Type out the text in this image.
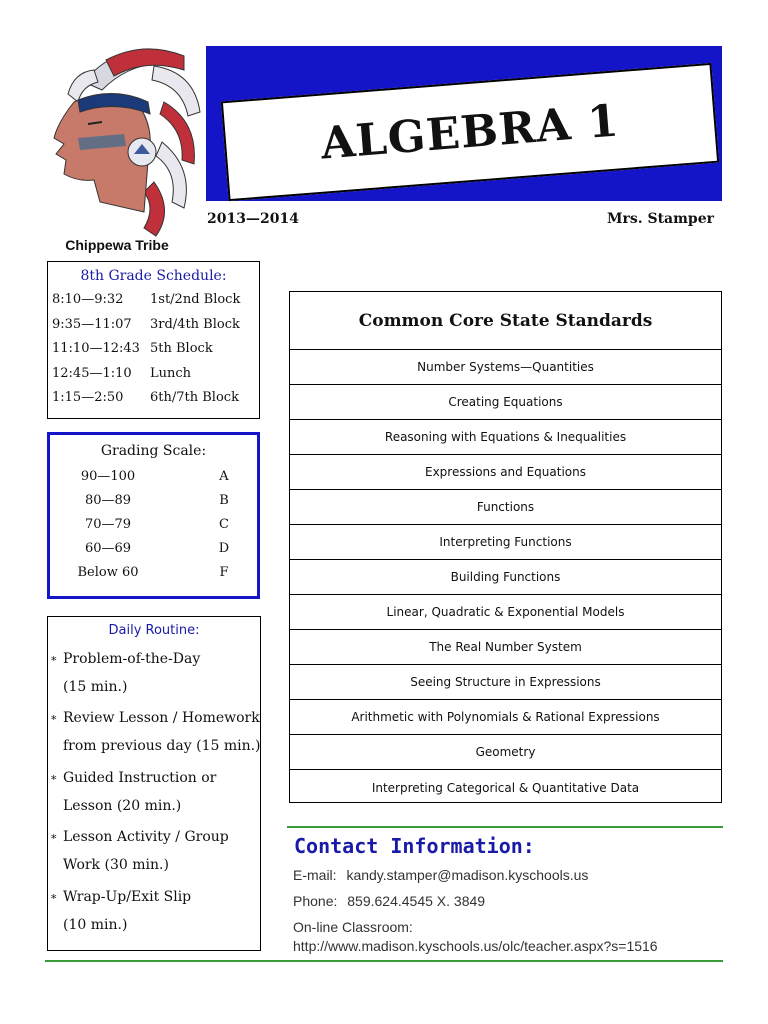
Chippewa Tribe
ALGEBRA 1
2013—2014	Mrs. Stamper
8th Grade Schedule:
8:10—9:32 1st/2nd Block
9:35—11:07 3rd/4th Block
11:10—12:43 5th Block
12:45—1:10 Lunch
1:15—2:50 6th/7th Block
Grading Scale:
90—100	A
80—89	B
70—79	C
60—69	D
Below 60	F
Daily Routine:
∗ Problem-of-the-Day
(15 min.)
∗ Review Lesson / Homework
from previous day (15 min.)
∗ Guided Instruction or
Lesson (20 min.)
∗ Lesson Activity / Group
Work (30 min.)
∗ Wrap-Up/Exit Slip
(10 min.)
Common Core State Standards
Number Systems—Quantities
Creating Equations
Reasoning with Equations & Inequalities
Expressions and Equations
Functions
Interpreting Functions
Building Functions
Linear, Quadratic & Exponential Models
The Real Number System
Seeing Structure in Expressions
Arithmetic with Polynomials & Rational Expressions
Geometry
Interpreting Categorical & Quantitative Data
Contact Information:
E-mail: kandy.stamper@madison.kyschools.us
Phone: 859.624.4545 X. 3849
On-line Classroom:
http://www.madison.kyschools.us/olc/teacher.aspx?s=1516
